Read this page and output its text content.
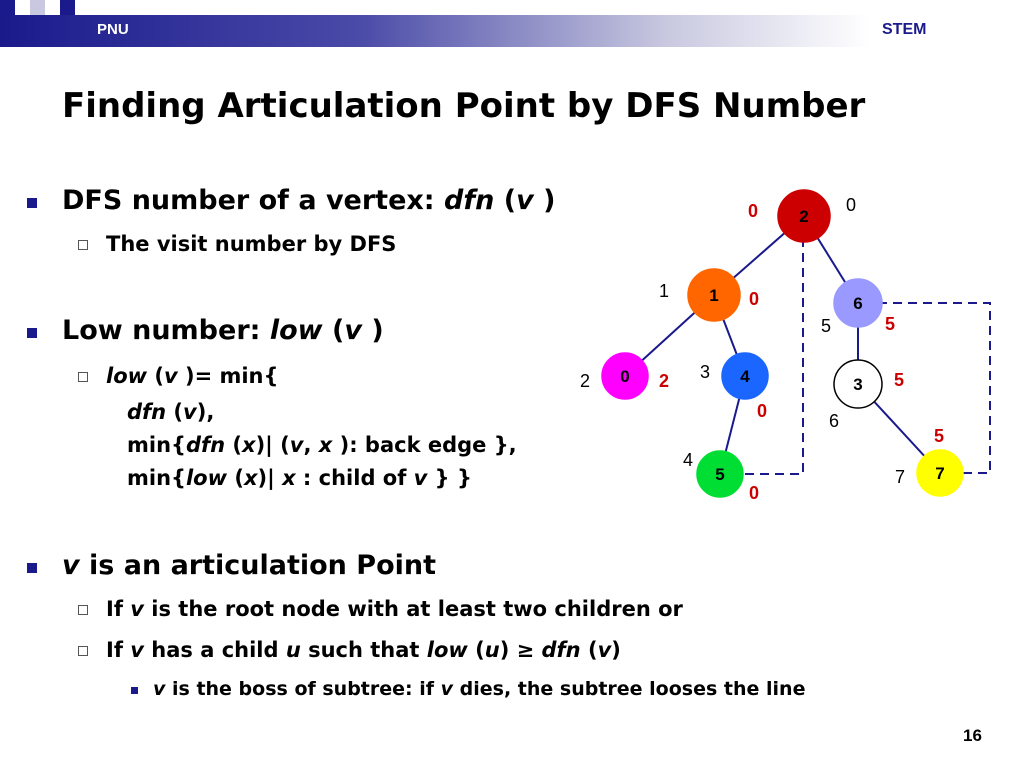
PNU	STEM
Finding Articulation Point by DFS Number
DFS number of a vertex: dfn (v )
The visit number by DFS
Low number: low (v )
low (v )= min{
dfn (v),
min{dfn (x)| (v, x ): back edge },
min{low (x)| x : child of v } }
v is an articulation Point
If v is the root node with at least two children or
If v has a child u such that low (u) ≥ dfn (v)
v is the boss of subtree: if v dies, the subtree looses the line
2
1	6
0	4	3
5	7
0
0
1	0
5	5
2	2 3
0	6
5
4
0
7
5
16
